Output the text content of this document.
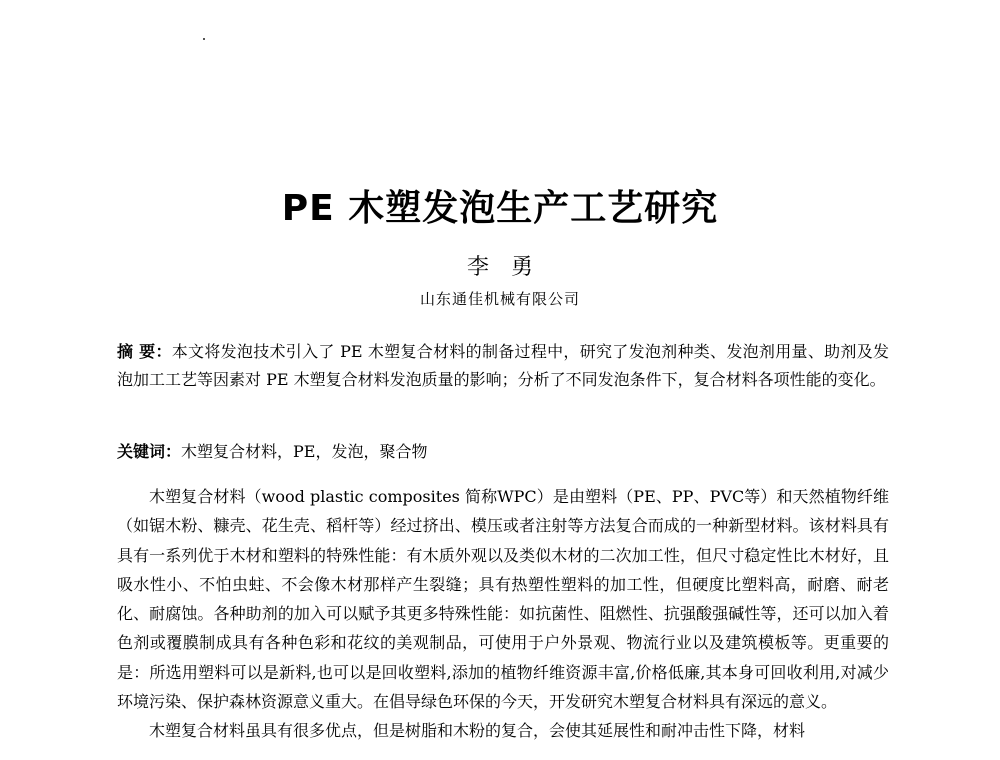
PE 木塑发泡生产工艺研究
李勇
山东通佳机械有限公司
摘 要：本文将发泡技术引入了 PE 木塑复合材料的制备过程中，研究了发泡剂种类、发泡剂用量、助剂及发泡加工工艺等因素对 PE 木塑复合材料发泡质量的影响；分析了不同发泡条件下，复合材料各项性能的变化。
关键词：木塑复合材料，PE，发泡，聚合物

木塑复合材料（wood plastic composites 简称WPC）是由塑料（PE、PP、PVC等）和天然植物纤维（如锯木粉、糠壳、花生壳、稻杆等）经过挤出、模压或者注射等方法复合而成的一种新型材料。该材料具有具有一系列优于木材和塑料的特殊性能：有木质外观以及类似木材的二次加工性，但尺寸稳定性比木材好，且吸水性小、不怕虫蛀、不会像木材那样产生裂缝；具有热塑性塑料的加工性，但硬度比塑料高，耐磨、耐老化、耐腐蚀。各种助剂的加入可以赋予其更多特殊性能：如抗菌性、阻燃性、抗强酸强碱性等，还可以加入着色剂或覆膜制成具有各种色彩和花纹的美观制品，可使用于户外景观、物流行业以及建筑模板等。更重要的是：所选用塑料可以是新料,也可以是回收塑料,添加的植物纤维资源丰富,价格低廉,其本身可回收利用,对减少环境污染、保护森林资源意义重大。在倡导绿色环保的今天，开发研究木塑复合材料具有深远的意义。

木塑复合材料虽具有很多优点，但是树脂和木粉的复合，会使其延展性和耐冲击性下降，材料
